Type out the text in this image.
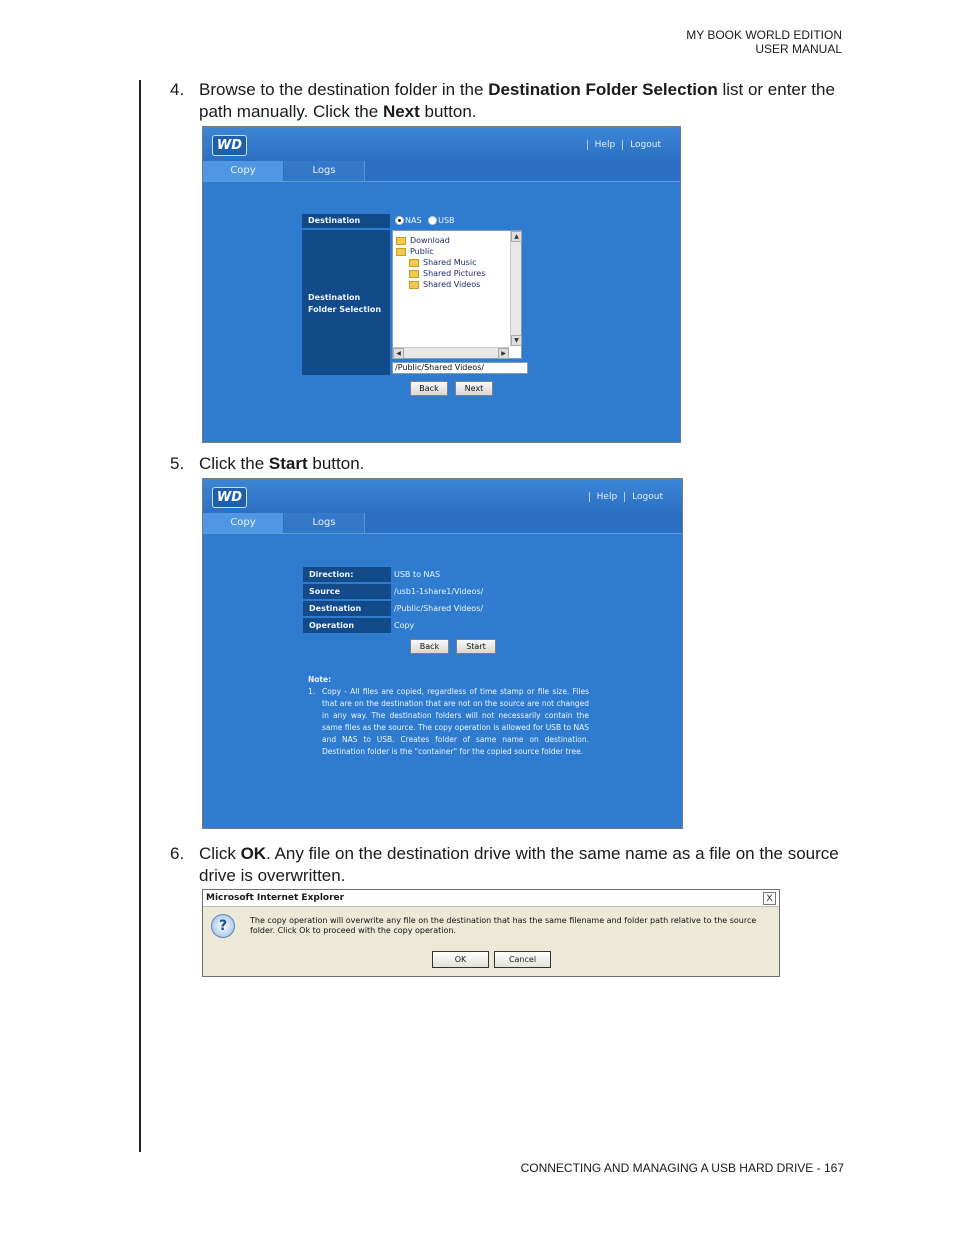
MY BOOK WORLD EDITION
USER MANUAL
4. Browse to the destination folder in the Destination Folder Selection list or enter the path manually. Click the Next button.
WD	Help Logout
Copy	Logs
Destination	NAS USB
Destination Folder Selection
Download
Public
Shared Music
Shared Pictures
Shared Videos
▲
▼
◀	▶
/Public/Shared Videos/
Back	Next
5. Click the Start button.
WD	Help Logout
Copy	Logs
Direction:	USB to NAS
Source	/usb1-1share1/Videos/
Destination	/Public/Shared Videos/
Operation	Copy
Back	Start
Note:
1. Copy - All files are copied, regardless of time stamp or file size. Files that are on the destination that are not on the source are not changed in any way. The destination folders will not necessarily contain the same files as the source. The copy operation is allowed for USB to NAS and NAS to USB. Creates folder of same name on destination. Destination folder is the "container" for the copied source folder tree.
6. Click OK. Any file on the destination drive with the same name as a file on the source drive is overwritten.
Microsoft Internet Explorer	X
?	The copy operation will overwrite any file on the destination that has the same filename and folder path relative to the source folder. Click Ok to proceed with the copy operation.
OK	Cancel
CONNECTING AND MANAGING A USB HARD DRIVE - 167
